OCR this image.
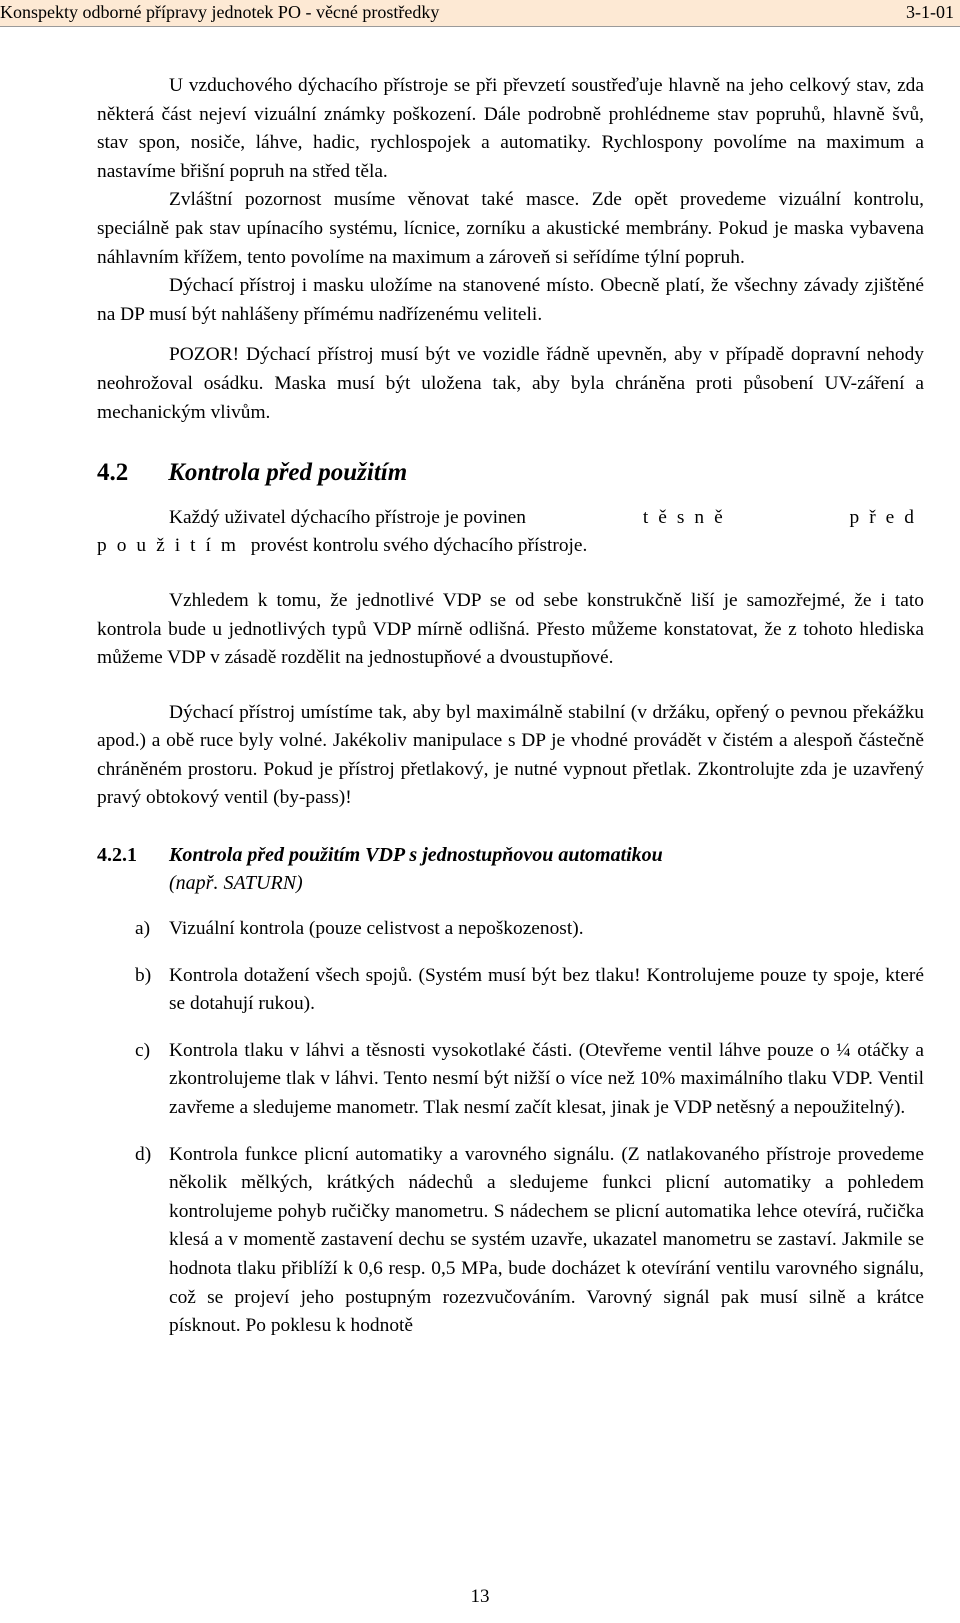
Konspekty odborné přípravy jednotek PO - věcné prostředky	3-1-01

U vzduchového dýchacího přístroje se při převzetí soustřeďuje hlavně na jeho celkový stav, zda některá část nejeví vizuální známky poškození. Dále podrobně prohlédneme stav popruhů, hlavně švů, stav spon, nosiče, láhve, hadic, rychlospojek a automatiky. Rychlospony povolíme na maximum a nastavíme břišní popruh na střed těla.

Zvláštní pozornost musíme věnovat také masce. Zde opět provedeme vizuální kontrolu, speciálně pak stav upínacího systému, lícnice, zorníku a akustické membrány. Pokud je maska vybavena náhlavním křížem, tento povolíme na maximum a zároveň si seřídíme týlní popruh.

Dýchací přístroj i masku uložíme na stanovené místo. Obecně platí, že všechny závady zjištěné na DP musí být nahlášeny přímému nadřízenému veliteli.

POZOR! Dýchací přístroj musí být ve vozidle řádně upevněn, aby v případě dopravní nehody neohrožoval osádku. Maska musí být uložena tak, aby byla chráněna proti působení UV-záření a mechanickým vlivům.

4.2 Kontrola před použitím
Každý uživatel dýchacího přístroje je povinen	těsně	před
použitím provést kontrolu svého dýchacího přístroje.

Vzhledem k tomu, že jednotlivé VDP se od sebe konstrukčně liší je samozřejmé, že i tato kontrola bude u jednotlivých typů VDP mírně odlišná. Přesto můžeme konstatovat, že z tohoto hlediska můžeme VDP v zásadě rozdělit na jednostupňové a dvoustupňové.

Dýchací přístroj umístíme tak, aby byl maximálně stabilní (v držáku, opřený o pevnou překážku apod.) a obě ruce byly volné. Jakékoliv manipulace s DP je vhodné provádět v čistém a alespoň částečně chráněném prostoru. Pokud je přístroj přetlakový, je nutné vypnout přetlak. Zkontrolujte zda je uzavřený pravý obtokový ventil (by-pass)!

4.2.1	Kontrola před použitím VDP s jednostupňovou automatikou
(např. SATURN)
a) Vizuální kontrola (pouze celistvost a nepoškozenost).
b) Kontrola dotažení všech spojů. (Systém musí být bez tlaku! Kontrolujeme pouze ty spoje, které se dotahují rukou).
c) Kontrola tlaku v láhvi a těsnosti vysokotlaké části. (Otevřeme ventil láhve pouze o ¼ otáčky a zkontrolujeme tlak v láhvi. Tento nesmí být nižší o více než 10% maximálního tlaku VDP. Ventil zavřeme a sledujeme manometr. Tlak nesmí začít klesat, jinak je VDP netěsný a nepoužitelný).
d) Kontrola funkce plicní automatiky a varovného signálu. (Z natlakovaného přístroje provedeme několik mělkých, krátkých nádechů a sledujeme funkci plicní automatiky a pohledem kontrolujeme pohyb ručičky manometru. S nádechem se plicní automatika lehce otevírá, ručička klesá a v momentě zastavení dechu se systém uzavře, ukazatel manometru se zastaví. Jakmile se hodnota tlaku přiblíží k 0,6 resp. 0,5 MPa, bude docházet k otevírání ventilu varovného signálu, což se projeví jeho postupným rozezvučováním. Varovný signál pak musí silně a krátce písknout. Po poklesu k hodnotě
13
